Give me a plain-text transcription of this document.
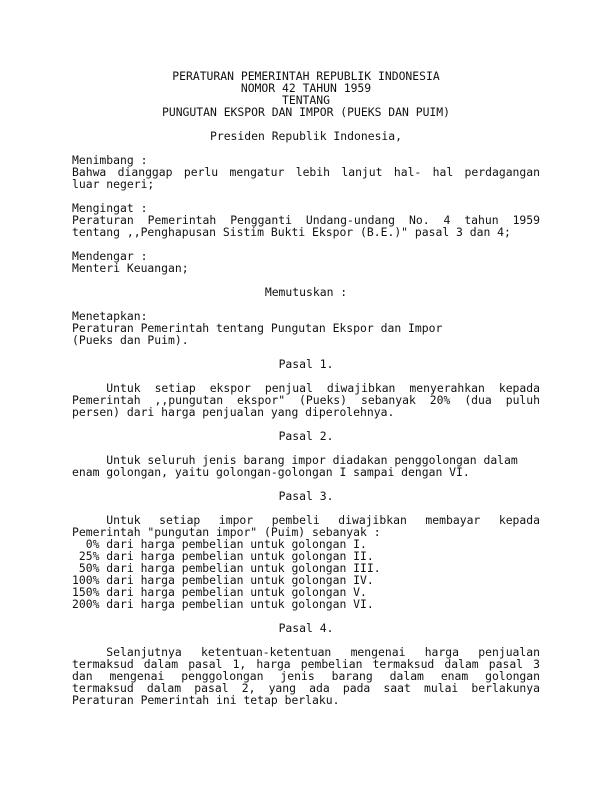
PERATURAN PEMERINTAH REPUBLIK INDONESIA
NOMOR 42 TAHUN 1959
TENTANG
PUNGUTAN EKSPOR DAN IMPOR (PUEKS DAN PUIM)
Presiden Republik Indonesia,
Menimbang :
Bahwa dianggap perlu mengatur lebih lanjut hal- hal perdagangan
luar negeri;
Mengingat :
Peraturan Pemerintah Pengganti Undang-undang No. 4 tahun 1959
tentang ,,Penghapusan Sistim Bukti Ekspor (B.E.)" pasal 3 dan 4;
Mendengar :
Menteri Keuangan;
Memutuskan :
Menetapkan:
Peraturan Pemerintah tentang Pungutan Ekspor dan Impor
(Pueks dan Puim).
Pasal 1.
Untuk setiap ekspor penjual diwajibkan menyerahkan kepada
Pemerintah ,,pungutan ekspor" (Pueks) sebanyak 20% (dua puluh
persen) dari harga penjualan yang diperolehnya.
Pasal 2.
Untuk seluruh jenis barang impor diadakan penggolongan dalam
enam golongan, yaitu golongan-golongan I sampai dengan VI.
Pasal 3.
Untuk setiap impor pembeli diwajibkan membayar kepada
Pemerintah "pungutan impor" (Puim) sebanyak :
0% dari harga pembelian untuk golongan I.
25% dari harga pembelian untuk golongan II.
50% dari harga pembelian untuk golongan III.
100% dari harga pembelian untuk golongan IV.
150% dari harga pembelian untuk golongan V.
200% dari harga pembelian untuk golongan VI.
Pasal 4.
Selanjutnya ketentuan-ketentuan mengenai harga penjualan
termaksud dalam pasal 1, harga pembelian termaksud dalam pasal 3
dan mengenai penggolongan jenis barang dalam enam golongan
termaksud dalam pasal 2, yang ada pada saat mulai berlakunya
Peraturan Pemerintah ini tetap berlaku.
